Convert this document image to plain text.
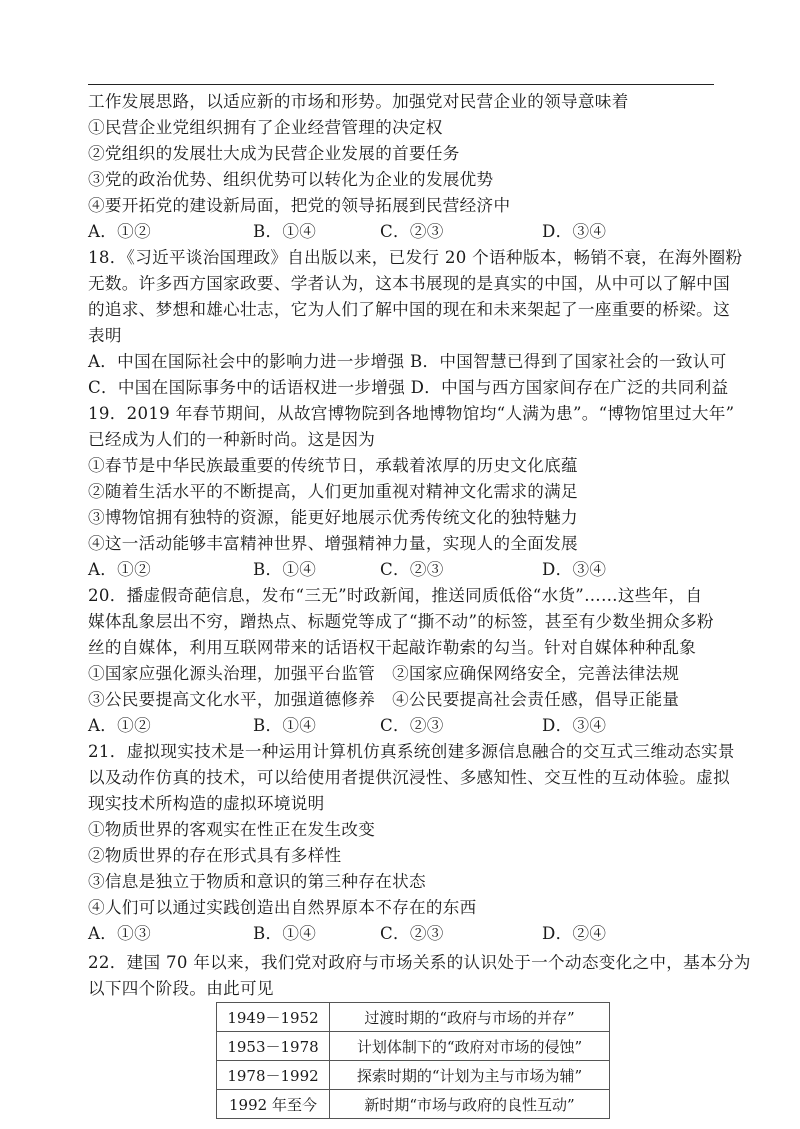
工作发展思路，以适应新的市场和形势。加强党对民营企业的领导意味着
①民营企业党组织拥有了企业经营管理的决定权
②党组织的发展壮大成为民营企业发展的首要任务
③党的政治优势、组织优势可以转化为企业的发展优势
④要开拓党的建设新局面，把党的领导拓展到民营经济中
A．①②	B．①④	C．②③	D．③④
18．《习近平谈治国理政》自出版以来，已发行 20 个语种版本，畅销不衰，在海外圈粉
无数。许多西方国家政要、学者认为，这本书展现的是真实的中国，从中可以了解中国
的追求、梦想和雄心壮志，它为人们了解中国的现在和未来架起了一座重要的桥梁。这
表明
A．中国在国际社会中的影响力进一步增强 B．中国智慧已得到了国家社会的一致认可
C．中国在国际事务中的话语权进一步增强 D．中国与西方国家间存在广泛的共同利益
19．2019 年春节期间，从故宫博物院到各地博物馆均“人满为患”。“博物馆里过大年”
已经成为人们的一种新时尚。这是因为
①春节是中华民族最重要的传统节日，承载着浓厚的历史文化底蕴
②随着生活水平的不断提高，人们更加重视对精神文化需求的满足
③博物馆拥有独特的资源，能更好地展示优秀传统文化的独特魅力
④这一活动能够丰富精神世界、增强精神力量，实现人的全面发展
A．①②	B．①④	C．②③	D．③④
20．播虚假奇葩信息，发布“三无”时政新闻，推送同质低俗“水货”……这些年，自
媒体乱象层出不穷，蹭热点、标题党等成了“撕不动”的标签，甚至有少数坐拥众多粉
丝的自媒体，利用互联网带来的话语权干起敲诈勒索的勾当。针对自媒体种种乱象
①国家应强化源头治理，加强平台监管　②国家应确保网络安全，完善法律法规
③公民要提高文化水平，加强道德修养　④公民要提高社会责任感，倡导正能量
A．①②	B．①④	C．②③	D．③④
21．虚拟现实技术是一种运用计算机仿真系统创建多源信息融合的交互式三维动态实景
以及动作仿真的技术，可以给使用者提供沉浸性、多感知性、交互性的互动体验。虚拟
现实技术所构造的虚拟环境说明
①物质世界的客观实在性正在发生改变
②物质世界的存在形式具有多样性
③信息是独立于物质和意识的第三种存在状态
④人们可以通过实践创造出自然界原本不存在的东西
A．①③	B．①④	C．②③	D．②④
22．建国 70 年以来，我们党对政府与市场关系的认识处于一个动态变化之中，基本分为
以下四个阶段。由此可见
1949－1952	过渡时期的“政府与市场的并存”
1953－1978	计划体制下的“政府对市场的侵蚀”
1978－1992	探索时期的“计划为主与市场为辅”
1992 年至今	新时期“市场与政府的良性互动”
